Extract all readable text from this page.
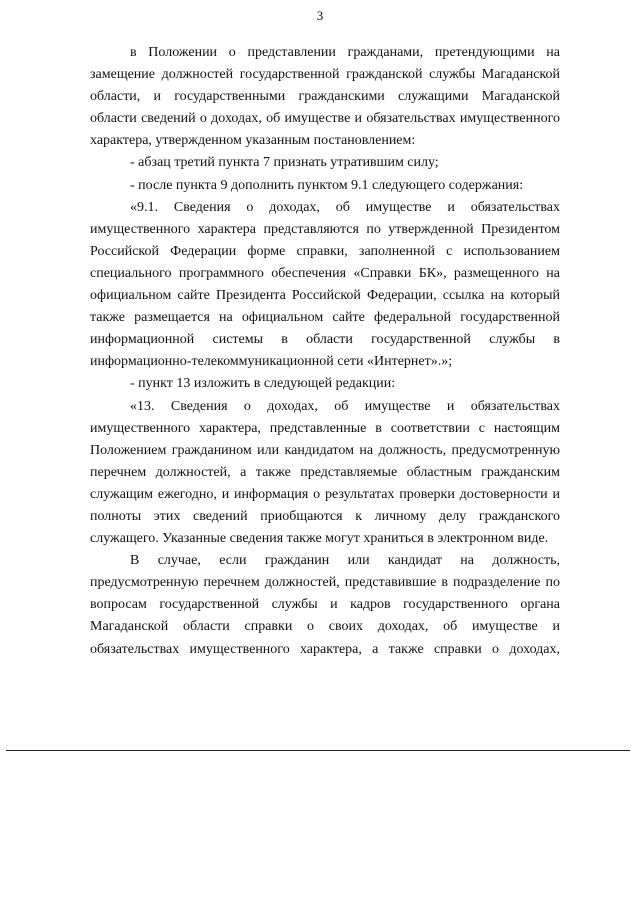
3

в Положении о представлении гражданами, претендующими на замещение должностей государственной гражданской службы Магаданской области, и государственными гражданскими служащими Магаданской области сведений о доходах, об имуществе и обязательствах имущественного характера, утвержденном указанным постановлением:

- абзац третий пункта 7 признать утратившим силу;

- после пункта 9 дополнить пунктом 9.1 следующего содержания:

«9.1. Сведения о доходах, об имуществе и обязательствах имущественного характера представляются по утвержденной Президентом Российской Федерации форме справки, заполненной с использованием специального программного обеспечения «Справки БК», размещенного на официальном сайте Президента Российской Федерации, ссылка на который также размещается на официальном сайте федеральной государственной информационной системы в области государственной службы в информационно-телекоммуникационной сети «Интернет».»;

- пункт 13 изложить в следующей редакции:

«13. Сведения о доходах, об имуществе и обязательствах имущественного характера, представленные в соответствии с настоящим Положением гражданином или кандидатом на должность, предусмотренную перечнем должностей, а также представляемые областным гражданским служащим ежегодно, и информация о результатах проверки достоверности и полноты этих сведений приобщаются к личному делу гражданского служащего. Указанные сведения также могут храниться в электронном виде.

В случае, если гражданин или кандидат на должность, предусмотренную перечнем должностей, представившие в подразделение по вопросам государственной службы и кадров государственного органа Магаданской области справки о своих доходах, об имуществе и обязательствах имущественного характера, а также справки о доходах,
